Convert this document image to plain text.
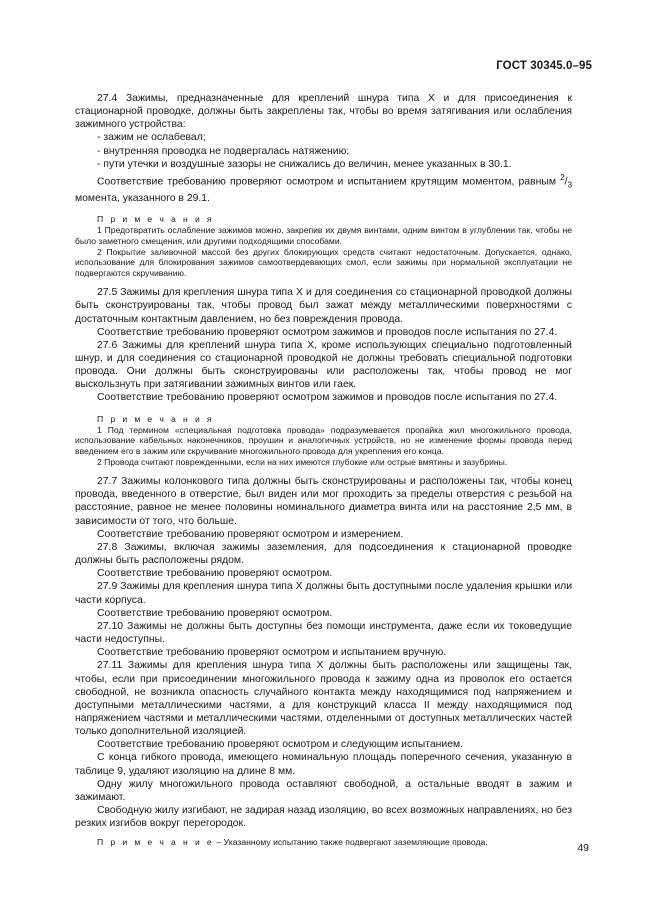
ГОСТ 30345.0–95

27.4 Зажимы, предназначенные для креплений шнура типа Х и для присоединения к стационарной проводке, должны быть закреплены так, чтобы во время затягивания или ослабления зажимного устройства:

- зажим не ослабевал;

- внутренняя проводка не подвергалась натяжению;

- пути утечки и воздушные зазоры не снижались до величин, менее указанных в 30.1.

Соответствие требованию проверяют осмотром и испытанием крутящим моментом, равным $^2/_3$ момента, указанного в 29.1.

П р и м е ч а н и я

1 Предотвратить ослабление зажимов можно, закрепив их двумя винтами, одним винтом в углублении так, чтобы не было заметного смещения, или другими подходящими способами.

2 Покрытие заливочной массой без других блокирующих средств считают недостаточным. Допускается, однако, использование для блокирования зажимов самоотвердевающих смол, если зажимы при нормальной эксплуатации не подвергаются скручиванию.

27.5 Зажимы для крепления шнура типа Х и для соединения со стационарной проводкой должны быть сконструированы так, чтобы провод был зажат между металлическими поверхностями с достаточным контактным давлением, но без повреждения провода.

Соответствие требованию проверяют осмотром зажимов и проводов после испытания по 27.4.

27.6 Зажимы для креплений шнура типа Х, кроме использующих специально подготовленный шнур, и для соединения со стационарной проводкой не должны требовать специальной подготовки провода. Они должны быть сконструированы или расположены так, чтобы провод не мог выскользнуть при затягивании зажимных винтов или гаек.

Соответствие требованию проверяют осмотром зажимов и проводов после испытания по 27.4.

П р и м е ч а н и я

1 Под термином «специальная подготовка провода» подразумевается пропайка жил многожильного провода, использование кабельных наконечников, проушин и аналогичных устройств, но не изменение формы провода перед введением его в зажим или скручивание многожильного провода для укрепления его конца.

2 Провода считают поврежденными, если на них имеются глубокие или острые вмятины и зазубрины.

27.7 Зажимы колонкового типа должны быть сконструированы и расположены так, чтобы конец провода, введенного в отверстие, был виден или мог проходить за пределы отверстия с резьбой на расстояние, равное не менее половины номинального диаметра винта или на расстояние 2,5 мм, в зависимости от того, что больше.

Соответствие требованию проверяют осмотром и измерением.

27.8 Зажимы, включая зажимы заземления, для подсоединения к стационарной проводке должны быть расположены рядом.

Соответствие требованию проверяют осмотром.

27.9 Зажимы для крепления шнура типа Х должны быть доступными после удаления крышки или части корпуса.

Соответствие требованию проверяют осмотром.

27.10 Зажимы не должны быть доступны без помощи инструмента, даже если их токоведущие части недоступны.

Соответствие требованию проверяют осмотром и испытанием вручную.

27.11 Зажимы для крепления шнура типа Х должны быть расположены или защищены так, чтобы, если при присоединении многожильного провода к зажиму одна из проволок его остается свободной, не возникла опасность случайного контакта между находящимися под напряжением и доступными металлическими частями, а для конструкций класса II между находящимися под напряжением частями и металлическими частями, отделенными от доступных металлических частей только дополнительной изоляцией.

Соответствие требованию проверяют осмотром и следующим испытанием.

С конца гибкого провода, имеющего номинальную площадь поперечного сечения, указанную в таблице 9, удаляют изоляцию на длине 8 мм.

Одну жилу многожильного провода оставляют свободной, а остальные вводят в зажим и зажимают.

Свободную жилу изгибают, не задирая назад изоляцию, во всех возможных направлениях, но без резких изгибов вокруг перегородок.

П р и м е ч а н и е – Указанному испытанию также подвергают заземляющие провода.	49
